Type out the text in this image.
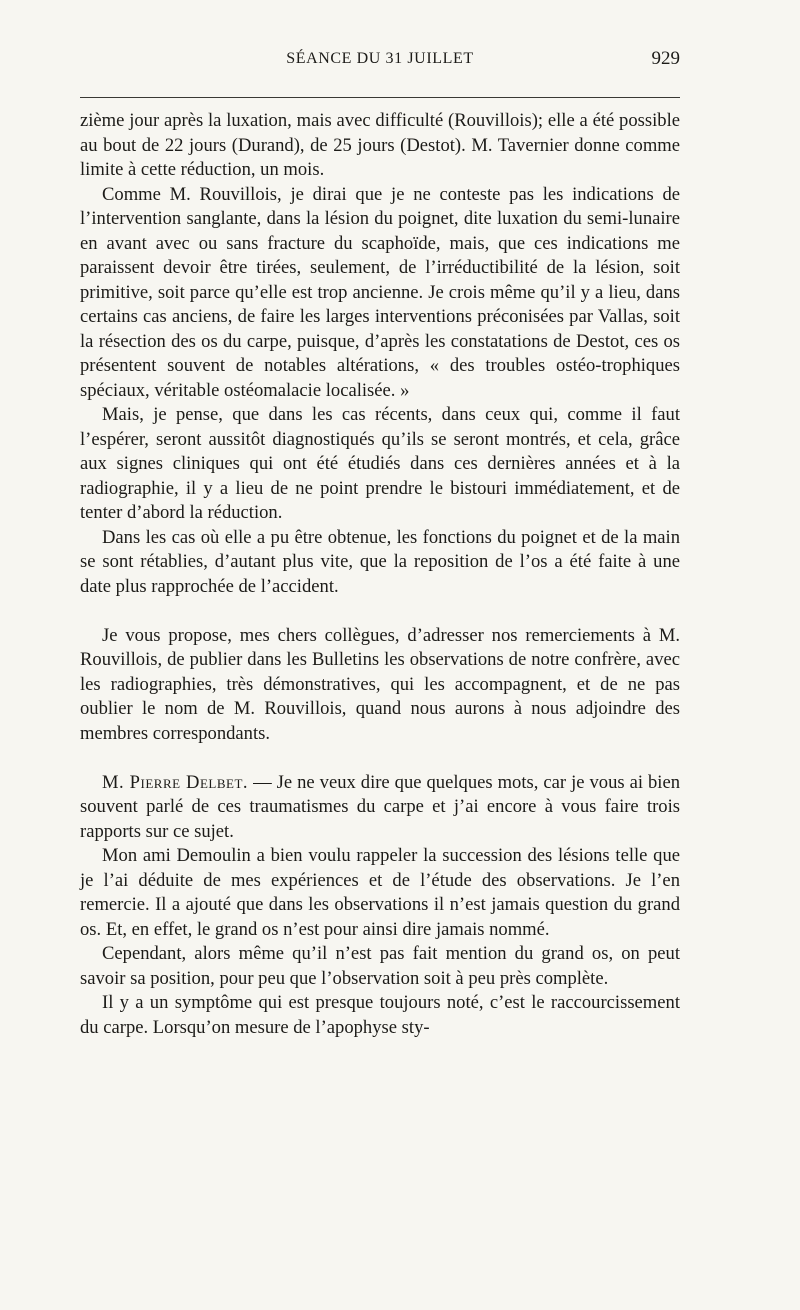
SÉANCE DU 31 JUILLET	929

zième jour après la luxation, mais avec difficulté (Rouvillois); elle a été possible au bout de 22 jours (Durand), de 25 jours (Destot). M. Tavernier donne comme limite à cette réduction, un mois.

Comme M. Rouvillois, je dirai que je ne conteste pas les indications de l’intervention sanglante, dans la lésion du poignet, dite luxation du semi-lunaire en avant avec ou sans fracture du scaphoïde, mais, que ces indications me paraissent devoir être tirées, seulement, de l’irréductibilité de la lésion, soit primitive, soit parce qu’elle est trop ancienne. Je crois même qu’il y a lieu, dans certains cas anciens, de faire les larges interventions préconisées par Vallas, soit la résection des os du carpe, puisque, d’après les constatations de Destot, ces os présentent souvent de notables altérations, « des troubles ostéo-trophiques spéciaux, véritable ostéomalacie localisée. »

Mais, je pense, que dans les cas récents, dans ceux qui, comme il faut l’espérer, seront aussitôt diagnostiqués qu’ils se seront montrés, et cela, grâce aux signes cliniques qui ont été étudiés dans ces dernières années et à la radiographie, il y a lieu de ne point prendre le bistouri immédiatement, et de tenter d’abord la réduction.

Dans les cas où elle a pu être obtenue, les fonctions du poignet et de la main se sont rétablies, d’autant plus vite, que la reposition de l’os a été faite à une date plus rapprochée de l’accident.

Je vous propose, mes chers collègues, d’adresser nos remerciements à M. Rouvillois, de publier dans les Bulletins les observations de notre confrère, avec les radiographies, très démonstratives, qui les accompagnent, et de ne pas oublier le nom de M. Rouvillois, quand nous aurons à nous adjoindre des membres correspondants.

M. Pierre Delbet. — Je ne veux dire que quelques mots, car je vous ai bien souvent parlé de ces traumatismes du carpe et j’ai encore à vous faire trois rapports sur ce sujet.

Mon ami Demoulin a bien voulu rappeler la succession des lésions telle que je l’ai déduite de mes expériences et de l’étude des observations. Je l’en remercie. Il a ajouté que dans les observations il n’est jamais question du grand os. Et, en effet, le grand os n’est pour ainsi dire jamais nommé.

Cependant, alors même qu’il n’est pas fait mention du grand os, on peut savoir sa position, pour peu que l’observation soit à peu près complète.

Il y a un symptôme qui est presque toujours noté, c’est le raccourcissement du carpe. Lorsqu’on mesure de l’apophyse sty-
